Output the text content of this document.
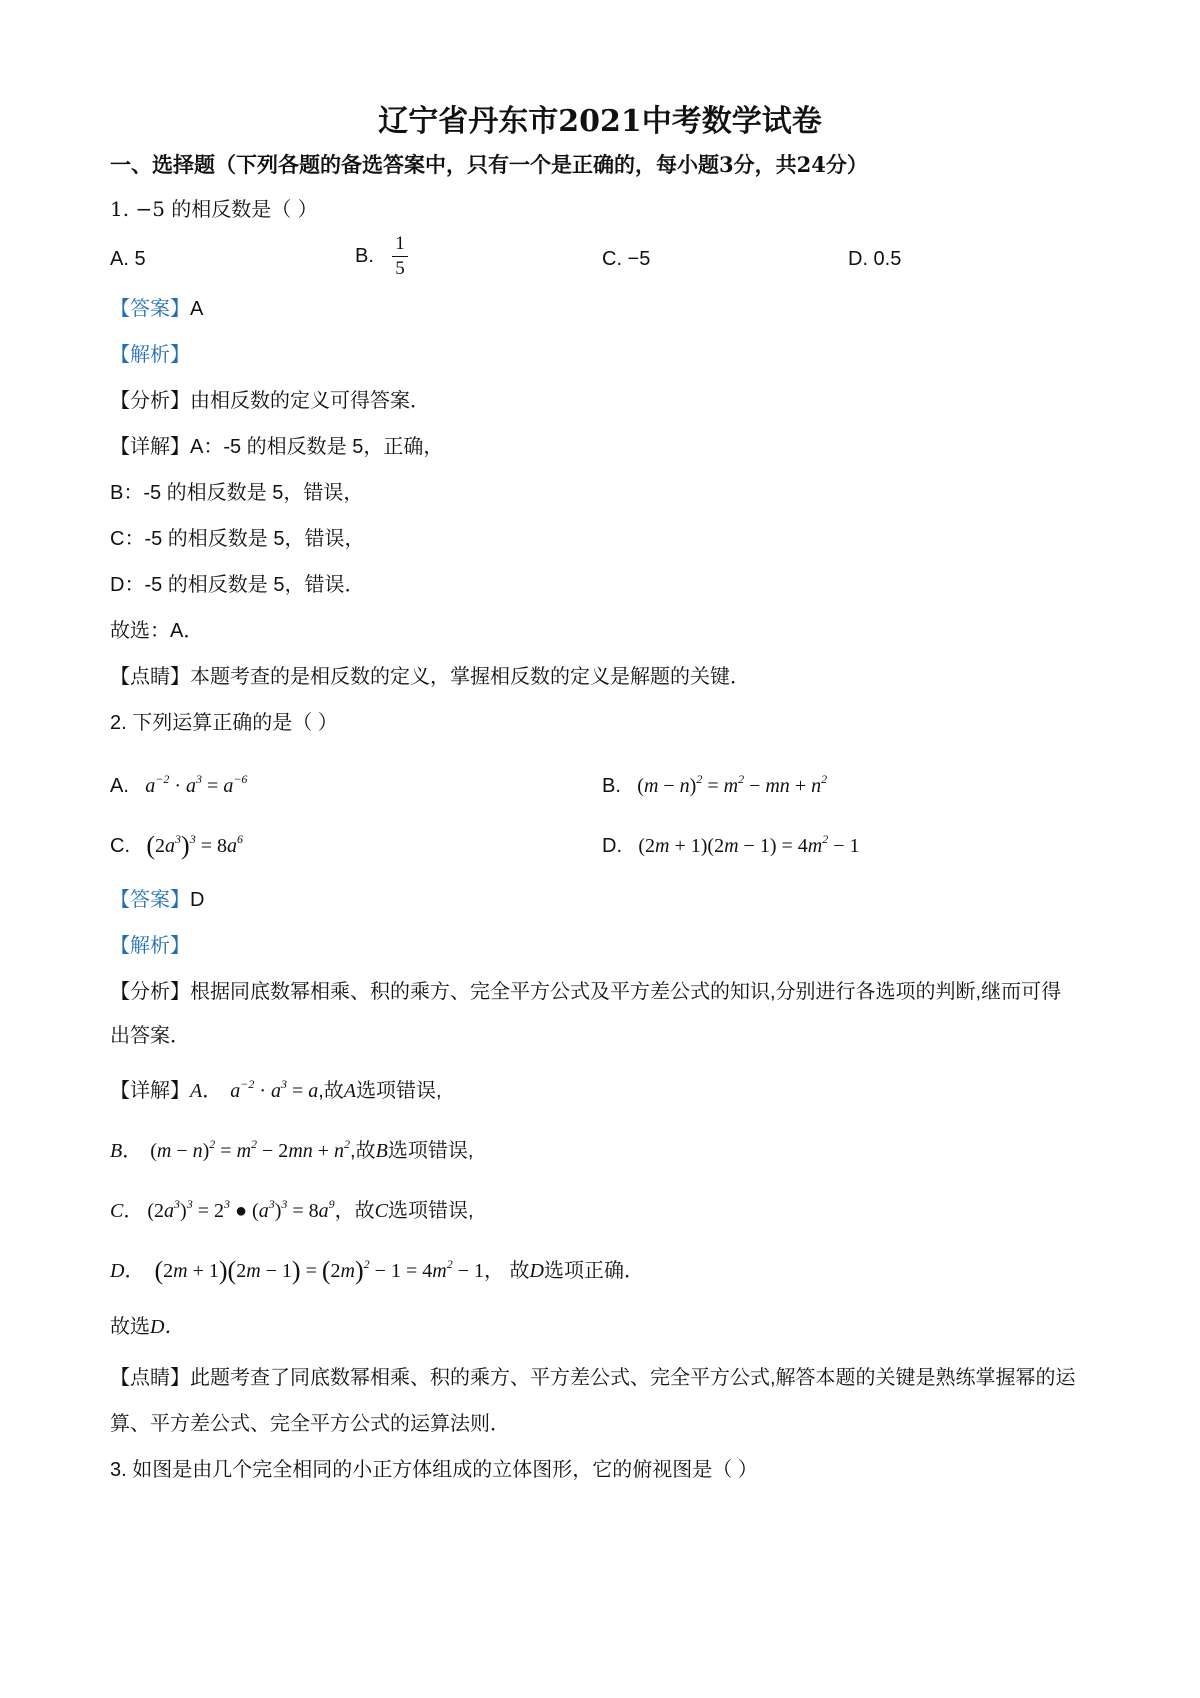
辽宁省丹东市2021中考数学试卷
一、选择题（下列各题的备选答案中，只有一个是正确的，每小题3分，共24分）
1. −5 的相反数是（ ）
A. 5	B. $\frac{1}{5}$	C. −5	D. 0.5
【答案】A
【解析】
【分析】由相反数的定义可得答案．
【详解】A：-5 的相反数是 5，正确，
B：-5 的相反数是 5，错误，
C：-5 的相反数是 5，错误，
D：-5 的相反数是 5，错误．
故选：A．
【点睛】本题考查的是相反数的定义，掌握相反数的定义是解题的关键．
2. 下列运算正确的是（ ）
A. $a^{-2} \cdot a^3 = a^{-6}$	B. $(m - n)^2 = m^2$ − mn + $n^2$
C. $(2a^3)^3 = 8a^6$	D. $(2m + 1)(2m - 1) = 4m^2 - 1$
【答案】D
【解析】
【分析】根据同底数幂相乘、积的乘方、完全平方公式及平方差公式的知识,分别进行各选项的判断,继而可得
出答案．
【详解】A． $a^{-2} \cdot a^3 = a$,故A选项错误,
B． $(m - n)^2 = m^2 - 2mn + n^2$,故B选项错误,
C． $(2a^3)^3 = 2^3$ ● $(a^3)^3 = 8a^9$，故C选项错误,
D． $(2m + 1)(2m - 1) = (2m)^2 - 1 = 4m^2 - 1$， 故D选项正确．
故选D．
【点睛】此题考查了同底数幂相乘、积的乘方、平方差公式、完全平方公式,解答本题的关键是熟练掌握幂的运
算、平方差公式、完全平方公式的运算法则．
3. 如图是由几个完全相同的小正方体组成的立体图形，它的俯视图是（ ）
